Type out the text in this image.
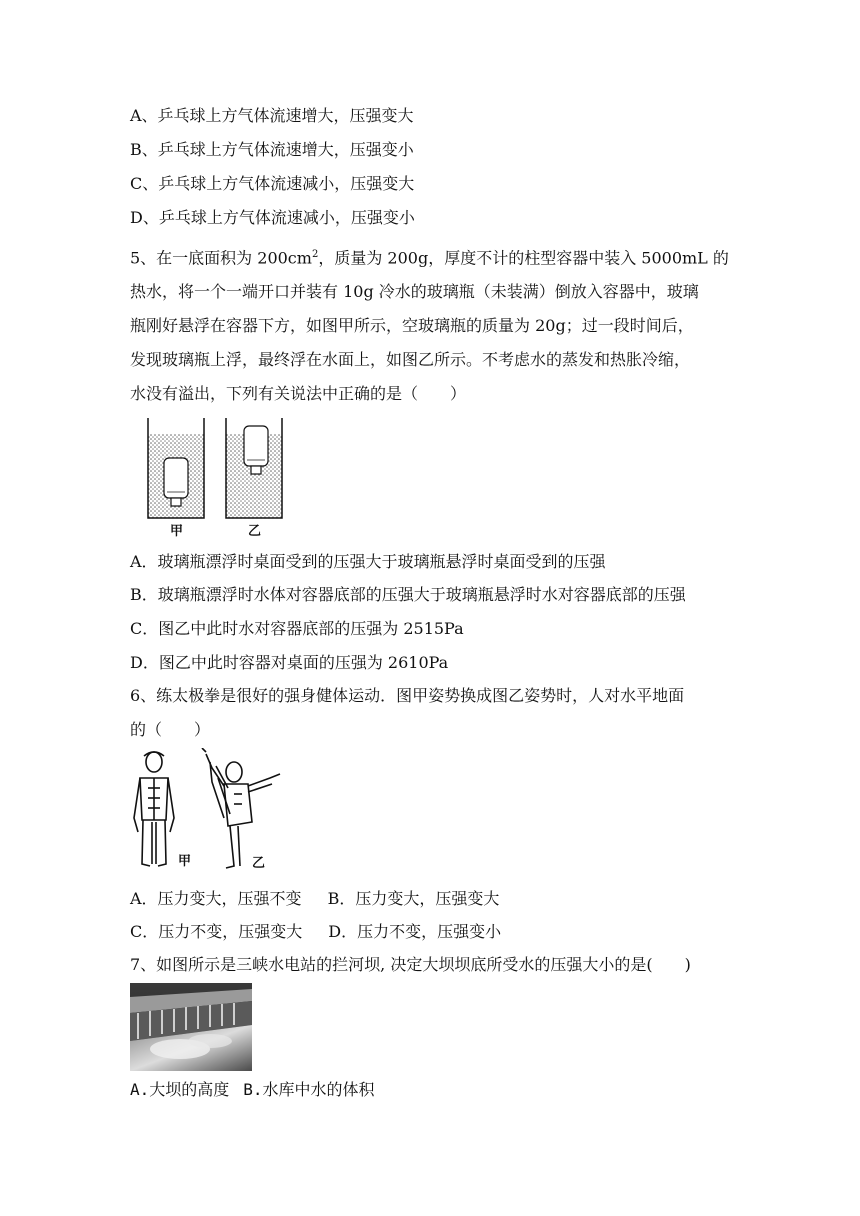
A、乒乓球上方气体流速增大，压强变大
B、乒乓球上方气体流速增大，压强变小
C、乒乓球上方气体流速减小，压强变大
D、乒乓球上方气体流速减小，压强变小
5、在一底面积为 $200cm^2$，质量为 200g，厚度不计的柱型容器中装入 5000mL 的
热水，将一个一端开口并装有 10g 冷水的玻璃瓶（未装满）倒放入容器中，玻璃
瓶刚好悬浮在容器下方，如图甲所示，空玻璃瓶的质量为 20g；过一段时间后，
发现玻璃瓶上浮，最终浮在水面上，如图乙所示。不考虑水的蒸发和热胀冷缩，
水没有溢出，下列有关说法中正确的是（　　）
甲	乙
A．玻璃瓶漂浮时桌面受到的压强大于玻璃瓶悬浮时桌面受到的压强
B．玻璃瓶漂浮时水体对容器底部的压强大于玻璃瓶悬浮时水对容器底部的压强
C．图乙中此时水对容器底部的压强为 2515Pa
D．图乙中此时容器对桌面的压强为 2610Pa
6、练太极拳是很好的强身健体运动．图甲姿势换成图乙姿势时，人对水平地面
的（　　）
甲	乙
A．压力变大，压强不变 B．压力变大，压强变大
C．压力不变，压强变大 D．压力不变，压强变小
7、如图所示是三峡水电站的拦河坝, 决定大坝坝底所受水的压强大小的是(　　)
A.大坝的高度 B.水库中水的体积
